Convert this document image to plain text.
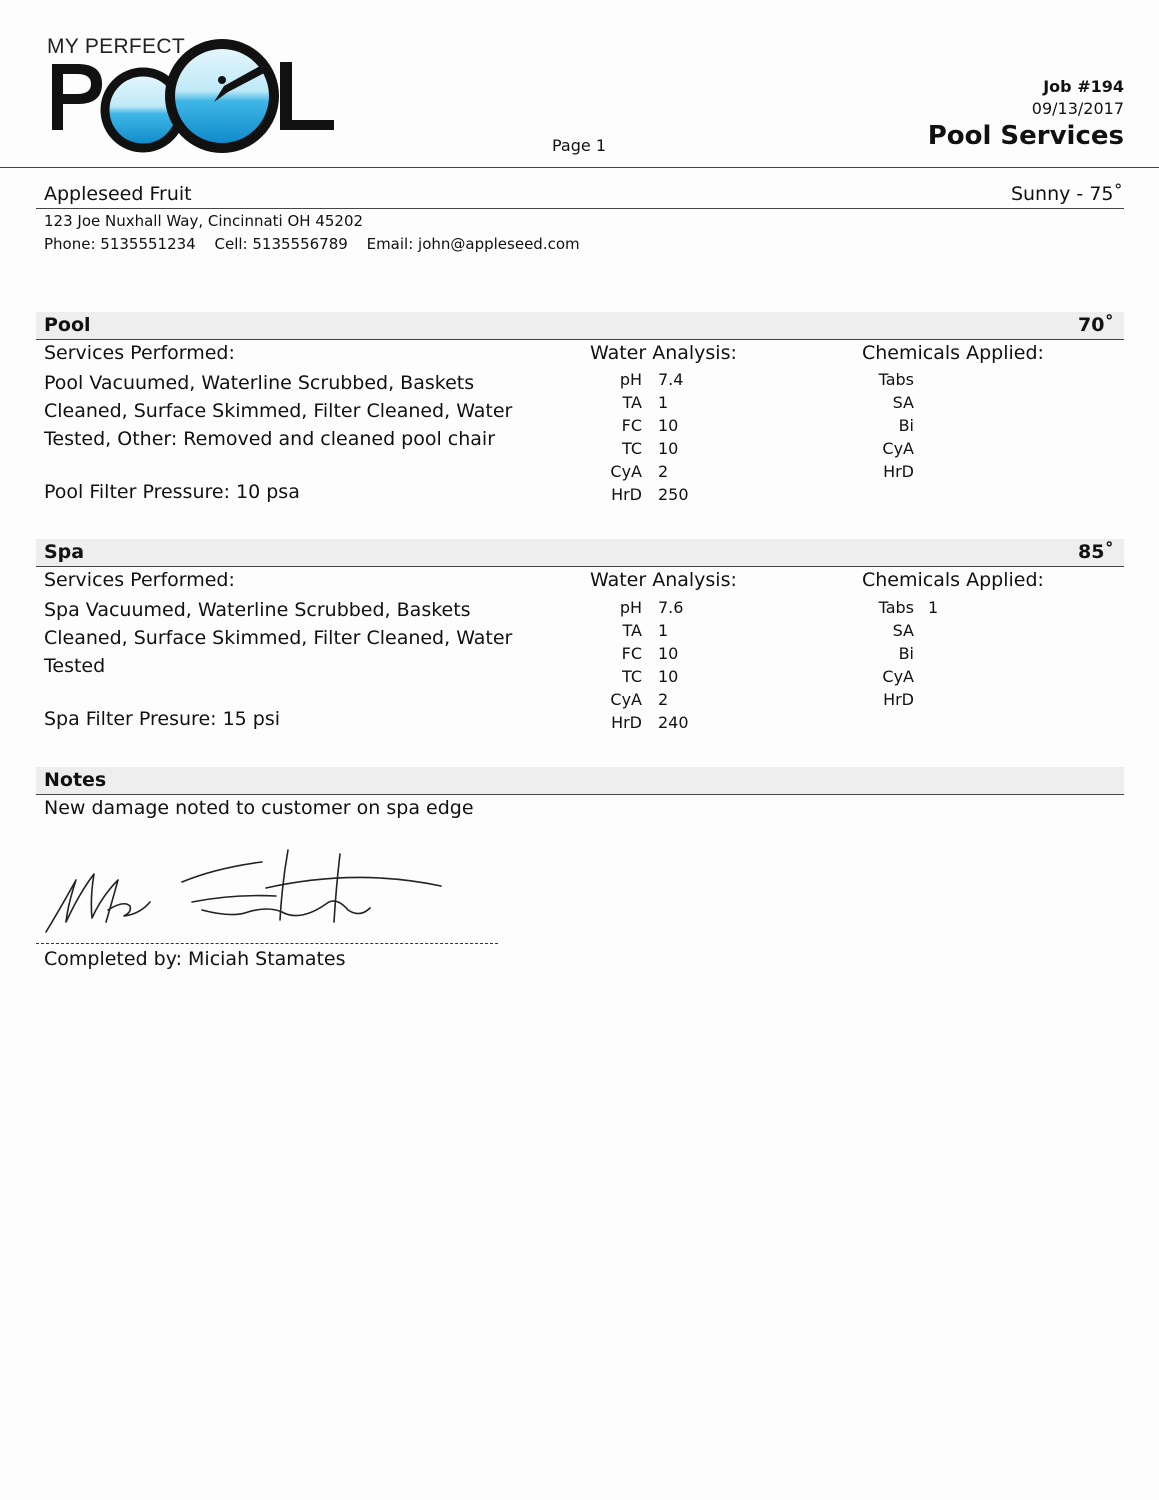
MY PERFECT
Page 1
Job #194
09/13/2017
Pool Services
Appleseed Fruit	Sunny - 75˚
123 Joe Nuxhall Way, Cincinnati OH 45202
Phone: 5135551234 Cell: 5135556789 Email: john@appleseed.com
Pool	70˚
Services Performed:	Water Analysis:	Chemicals Applied:
Pool Vacuumed, Waterline Scrubbed, Baskets Cleaned, Surface Skimmed, Filter Cleaned, Water Tested, Other: Removed and cleaned pool chair
Pool Filter Pressure: 10 psa
pH 7.4
TA 1
FC 10
TC 10
CyA 2
HrD 250
Tabs
SA
Bi
CyA
HrD
Spa	85˚
Services Performed:	Water Analysis:	Chemicals Applied:
Spa Vacuumed, Waterline Scrubbed, Baskets Cleaned, Surface Skimmed, Filter Cleaned, Water Tested
Spa Filter Presure: 15 psi
pH 7.6
TA 1
FC 10
TC 10
CyA 2
HrD 240
Tabs 1
SA
Bi
CyA
HrD
Notes
New damage noted to customer on spa edge
Completed by: Miciah Stamates
